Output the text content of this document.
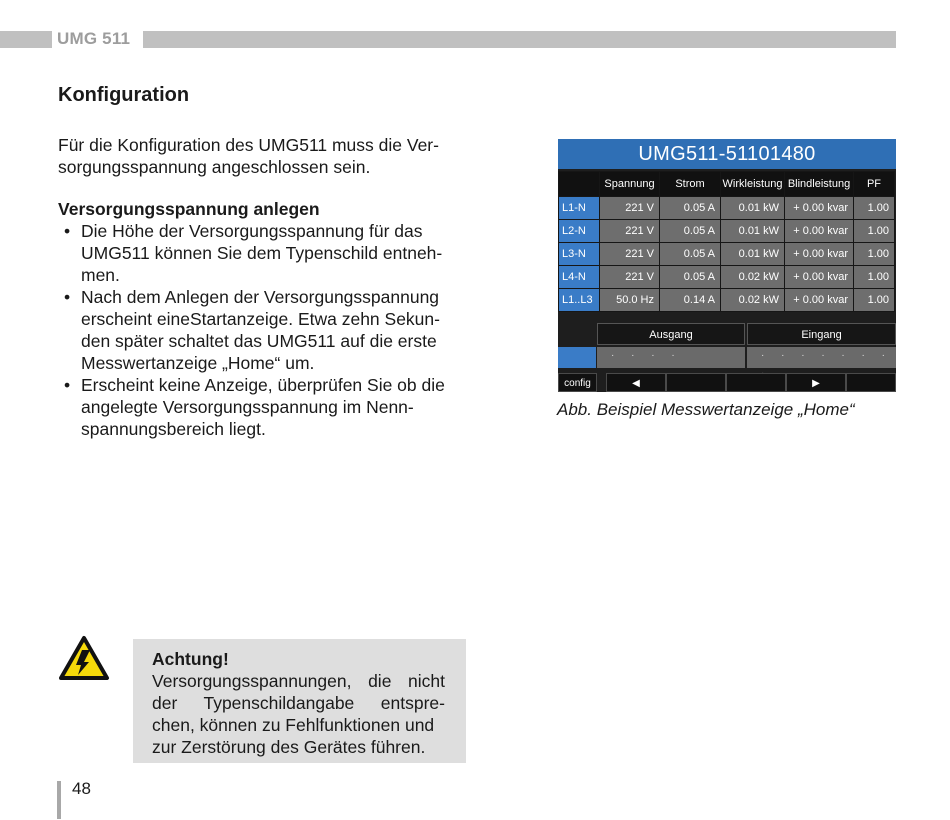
UMG 511
Konfiguration

Für die Konfiguration des UMG511 muss die Ver-
sorgungsspannung angeschlossen sein.

Versorgungsspannung anlegen

• Die Höhe der Versorgungsspannung für das
UMG511 können Sie dem Typenschild entneh-
men.
• Nach dem Anlegen der Versorgungsspannung
erscheint eineStartanzeige. Etwa zehn Sekun-
den später schaltet das UMG511 auf die erste
Messwertanzeige „Home“ um.
• Erscheint keine Anzeige, überprüfen Sie ob die
angelegte Versorgungsspannung im Nenn-
spannungsbereich liegt.
UMG511-51101480
	Spannung	Strom	Wirkleistung	Blindleistung	PF
L1-N	221 V	0.05 A	0.01 kW	+ 0.00 kvar	1.00
L2-N	221 V	0.05 A	0.01 kW	+ 0.00 kvar	1.00
L3-N	221 V	0.05 A	0.01 kW	+ 0.00 kvar	1.00
L4-N	221 V	0.05 A	0.02 kW	+ 0.00 kvar	1.00
L1..L3	50.0 Hz	0.14 A	0.02 kW	+ 0.00 kvar	1.00
Ausgang	Eingang
· · · ·	· · · · · · ·
config	◀	▶
Abb. Beispiel Messwertanzeige „Home“
Achtung!
Versorgungsspannungen, die nicht
der Typenschildangabe entspre-
chen, können zu Fehlfunktionen und
zur Zerstörung des Gerätes führen.
48
